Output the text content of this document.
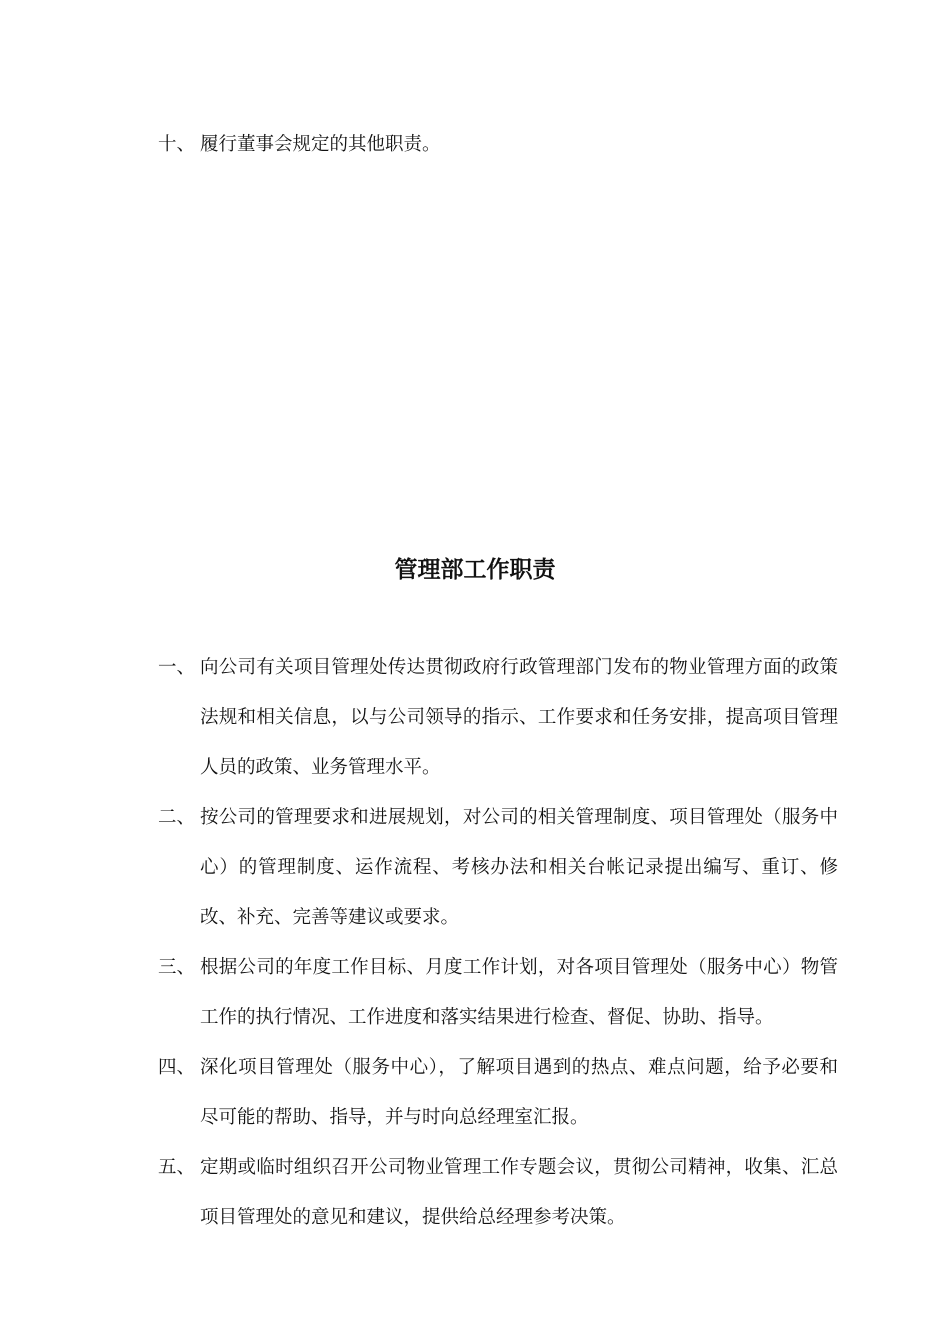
十、 履行董事会规定的其他职责。
管理部工作职责
一、 向公司有关项目管理处传达贯彻政府行政管理部门发布的物业管理方面的政策法规和相关信息，以与公司领导的指示、工作要求和任务安排，提高项目管理人员的政策、业务管理水平。
二、 按公司的管理要求和进展规划，对公司的相关管理制度、项目管理处（服务中心）的管理制度、运作流程、考核办法和相关台帐记录提出编写、重订、修改、补充、完善等建议或要求。
三、 根据公司的年度工作目标、月度工作计划，对各项目管理处（服务中心）物管工作的执行情况、工作进度和落实结果进行检查、督促、协助、指导。
四、 深化项目管理处（服务中心），了解项目遇到的热点、难点问题，给予必要和尽可能的帮助、指导，并与时向总经理室汇报。
五、 定期或临时组织召开公司物业管理工作专题会议，贯彻公司精神，收集、汇总项目管理处的意见和建议，提供给总经理参考决策。
